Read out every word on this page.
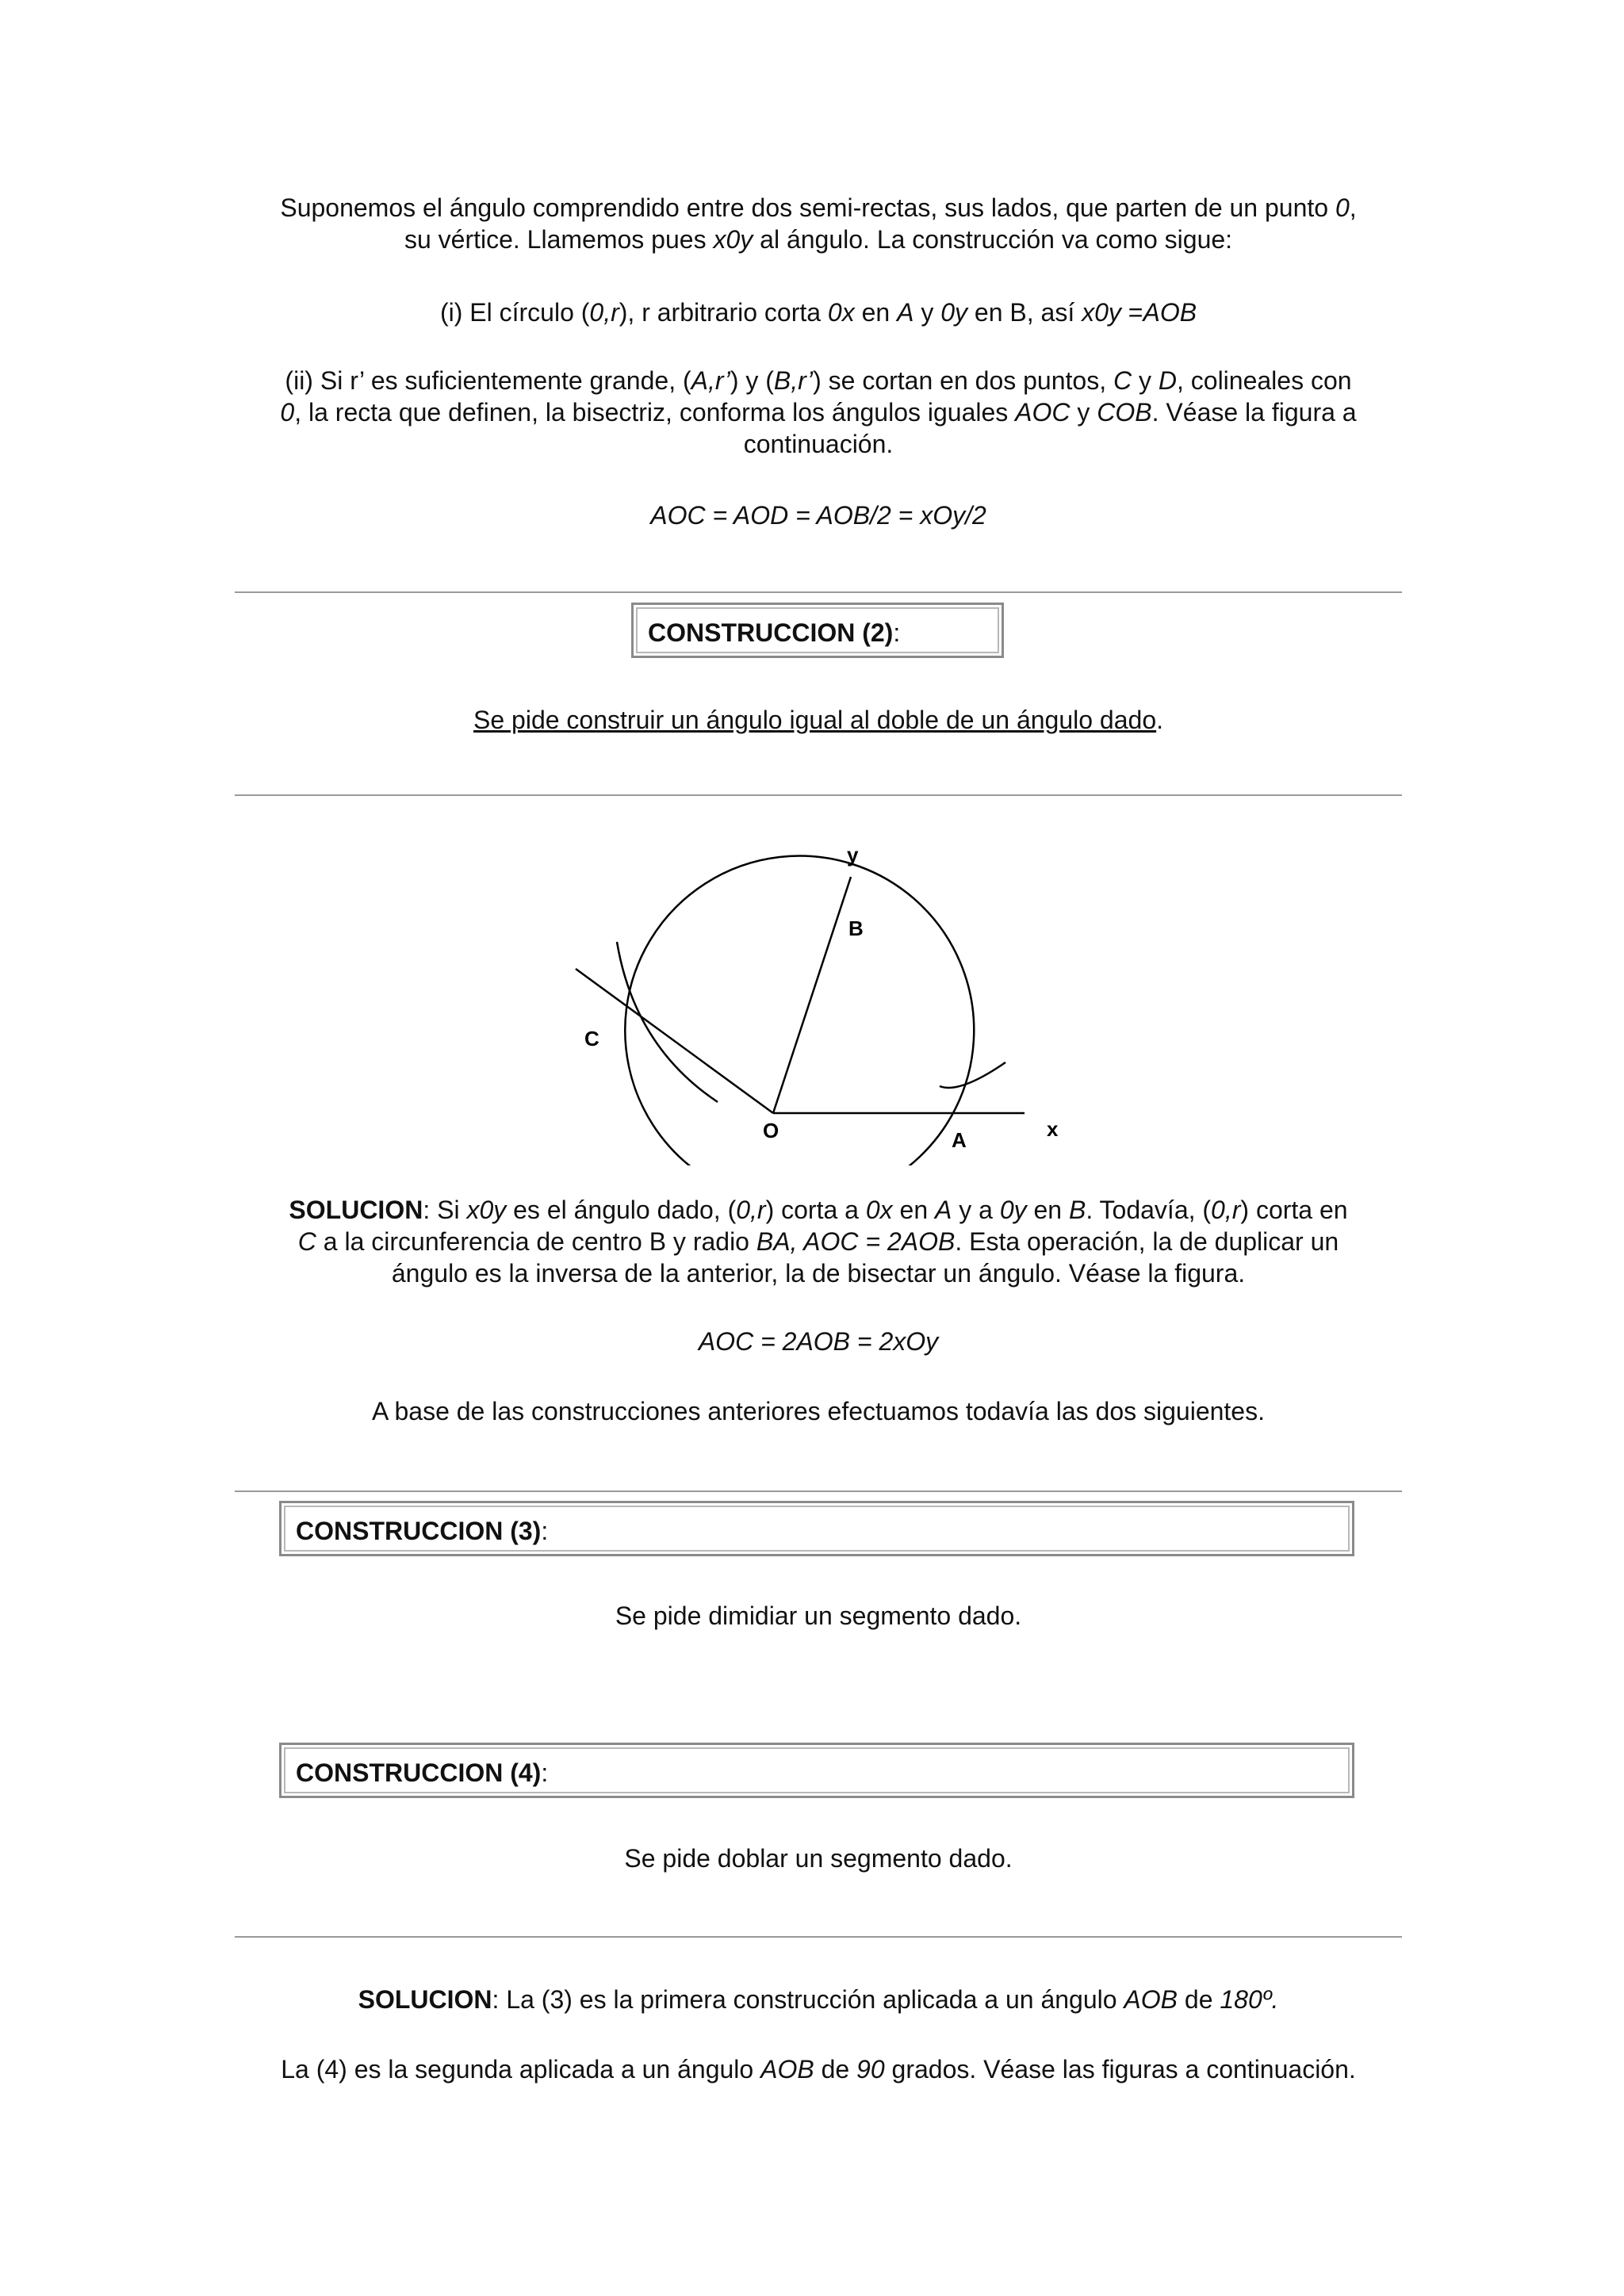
Suponemos el ángulo comprendido entre dos semi-rectas, sus lados, que parten de un punto 0,
su vértice. Llamemos pues x0y al ángulo. La construcción va como sigue:
(i) El círculo (0,r), r arbitrario corta 0x en A y 0y en B, así x0y =AOB
(ii) Si r’ es suficientemente grande, (A,r’) y (B,r’) se cortan en dos puntos, C y D, colineales con
0, la recta que definen, la bisectriz, conforma los ángulos iguales AOC y COB. Véase la figura a
continuación.
AOC = AOD = AOB/2 = xOy/2
CONSTRUCCION (2):
Se pide construir un ángulo igual al doble de un ángulo dado.
y
B
C
O	A	x
SOLUCION: Si x0y es el ángulo dado, (0,r) corta a 0x en A y a 0y en B. Todavía, (0,r) corta en
C a la circunferencia de centro B y radio BA, AOC = 2AOB. Esta operación, la de duplicar un
ángulo es la inversa de la anterior, la de bisectar un ángulo. Véase la figura.
AOC = 2AOB = 2xOy
A base de las construcciones anteriores efectuamos todavía las dos siguientes.
CONSTRUCCION (3):
Se pide dimidiar un segmento dado.
CONSTRUCCION (4):
Se pide doblar un segmento dado.
SOLUCION: La (3) es la primera construcción aplicada a un ángulo AOB de 180º.
La (4) es la segunda aplicada a un ángulo AOB de 90 grados. Véase las figuras a continuación.
